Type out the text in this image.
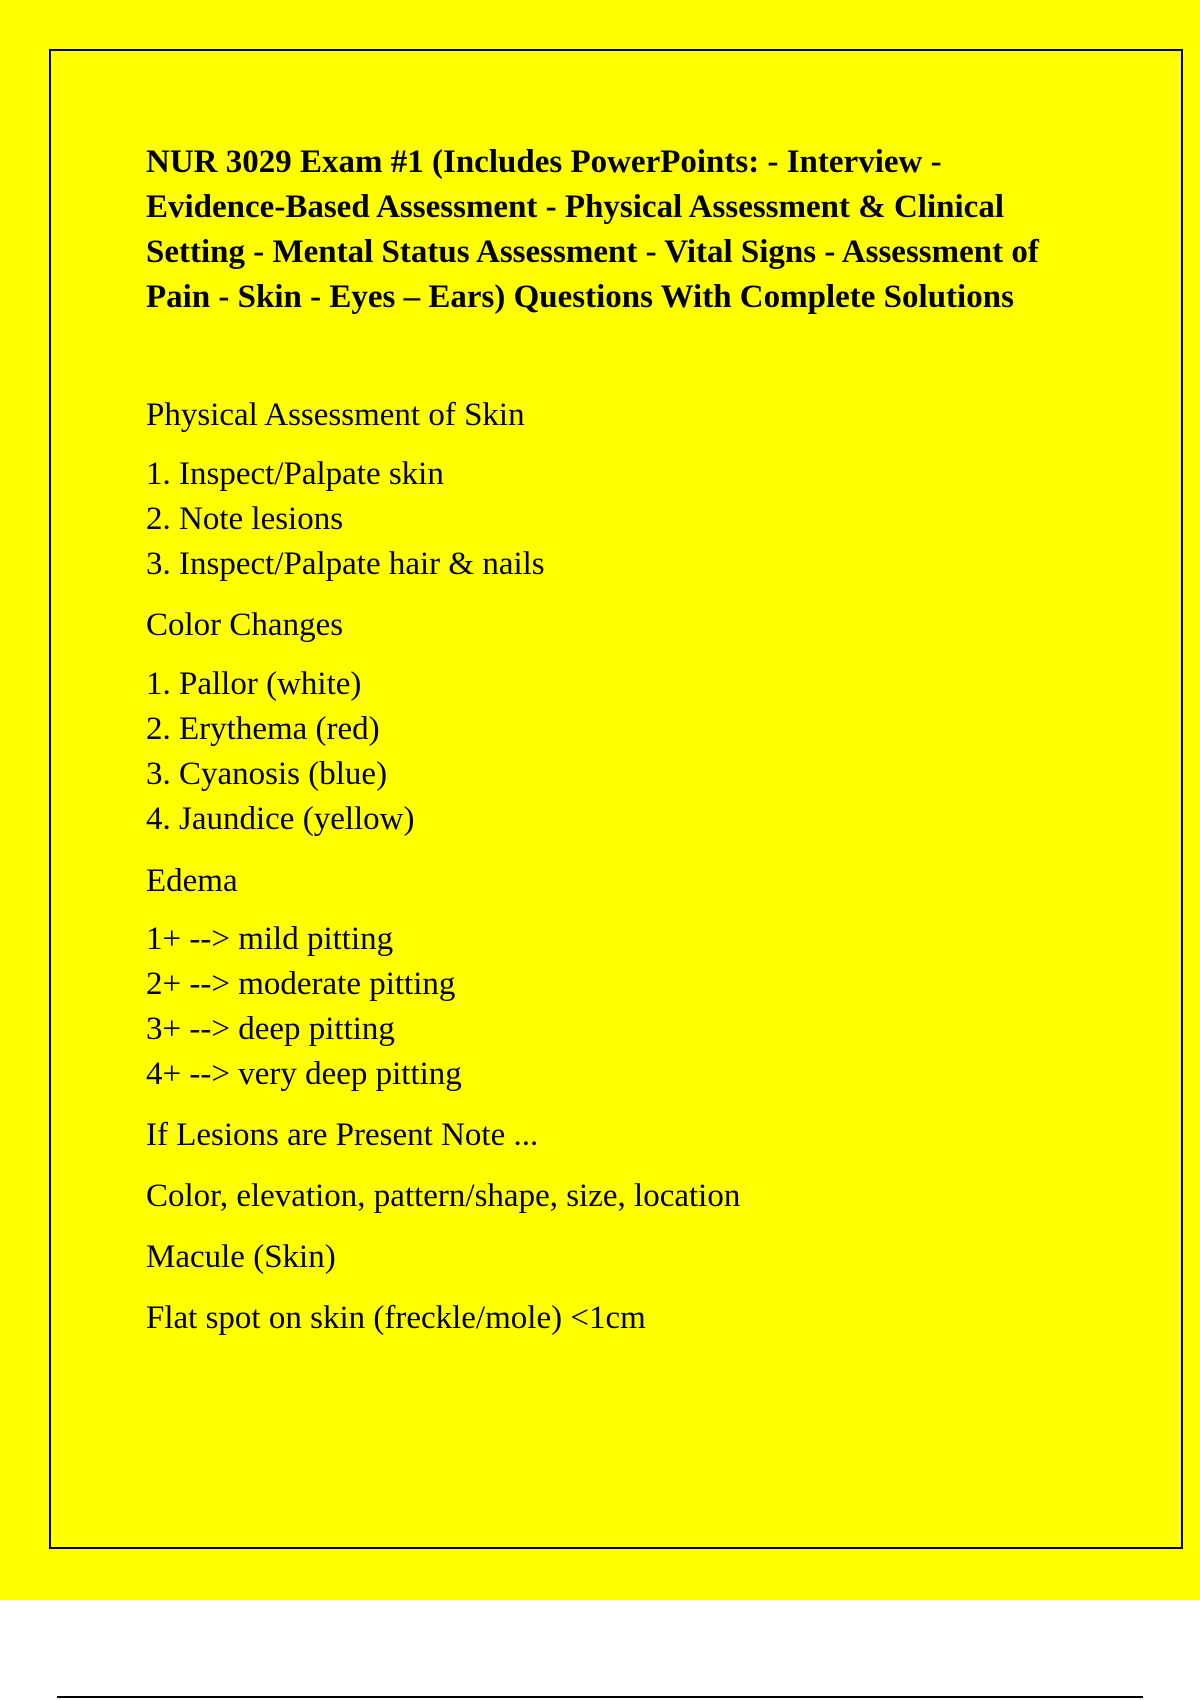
NUR 3029 Exam #1 (Includes PowerPoints: - Interview - Evidence-Based Assessment - Physical Assessment & Clinical Setting - Mental Status Assessment - Vital Signs - Assessment of Pain - Skin - Eyes – Ears) Questions With Complete Solutions

Physical Assessment of Skin

1. Inspect/Palpate skin
2. Note lesions
3. Inspect/Palpate hair & nails

Color Changes

1. Pallor (white)
2. Erythema (red)
3. Cyanosis (blue)
4. Jaundice (yellow)

Edema

1+ --> mild pitting
2+ --> moderate pitting
3+ --> deep pitting
4+ --> very deep pitting

If Lesions are Present Note ...

Color, elevation, pattern/shape, size, location

Macule (Skin)

Flat spot on skin (freckle/mole) <1cm
